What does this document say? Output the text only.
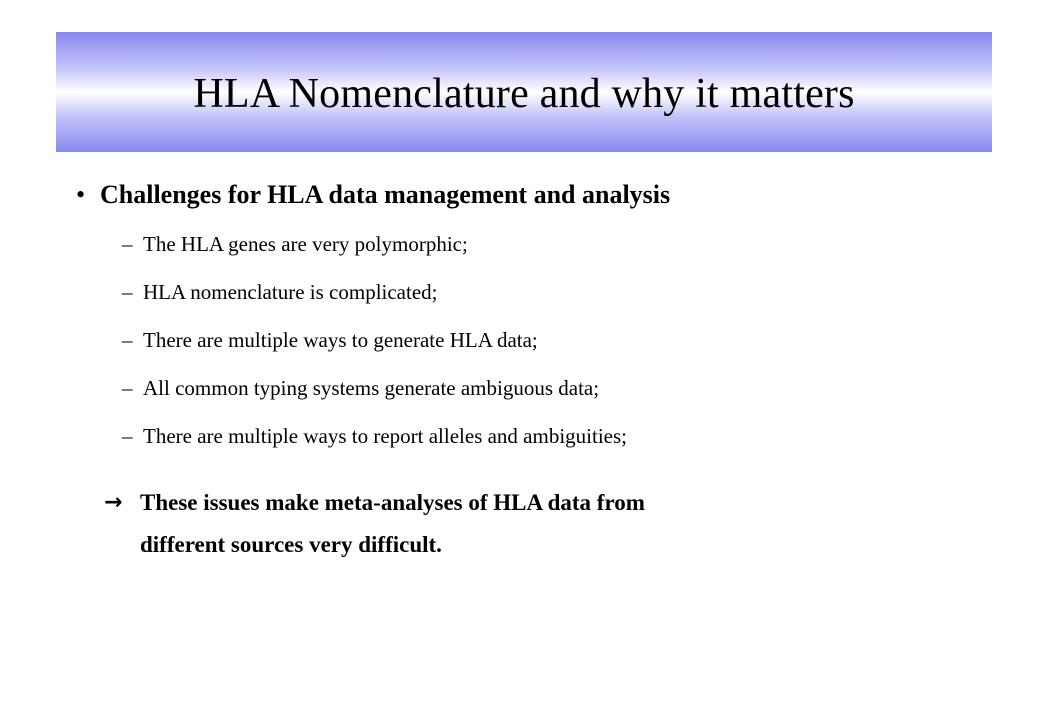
HLA Nomenclature and why it matters
• Challenges for HLA data management and analysis
– The HLA genes are very polymorphic;
– HLA nomenclature is complicated;
– There are multiple ways to generate HLA data;
– All common typing systems generate ambiguous data;
– There are multiple ways to report alleles and ambiguities;
→ These issues make meta-analyses of HLA data from
different sources very difficult.
